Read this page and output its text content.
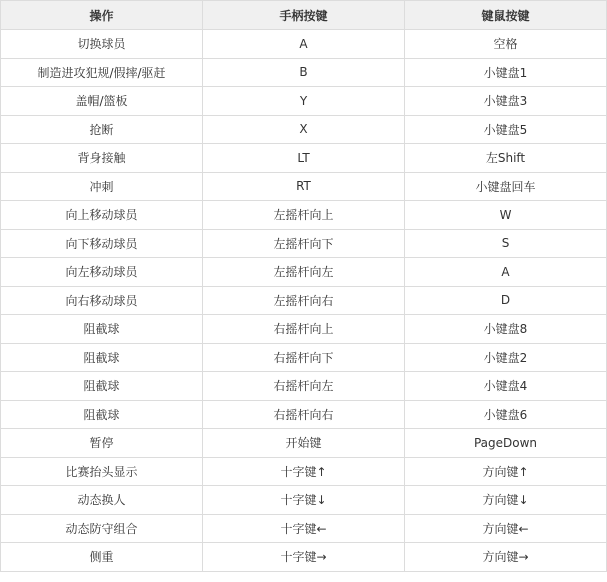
操作	手柄按键	键鼠按键
切换球员	A	空格
制造进攻犯规/假摔/驱赶	B	小键盘1
盖帽/篮板	Y	小键盘3
抢断	X	小键盘5
背身接触	LT	左Shift
冲刺	RT	小键盘回车
向上移动球员	左摇杆向上	W
向下移动球员	左摇杆向下	S
向左移动球员	左摇杆向左	A
向右移动球员	左摇杆向右	D
阻截球	右摇杆向上	小键盘8
阻截球	右摇杆向下	小键盘2
阻截球	右摇杆向左	小键盘4
阻截球	右摇杆向右	小键盘6
暂停	开始键	PageDown
比赛抬头显示	十字键↑	方向键↑
动态换人	十字键↓	方向键↓
动态防守组合	十字键←	方向键←
侧重	十字键→	方向键→
